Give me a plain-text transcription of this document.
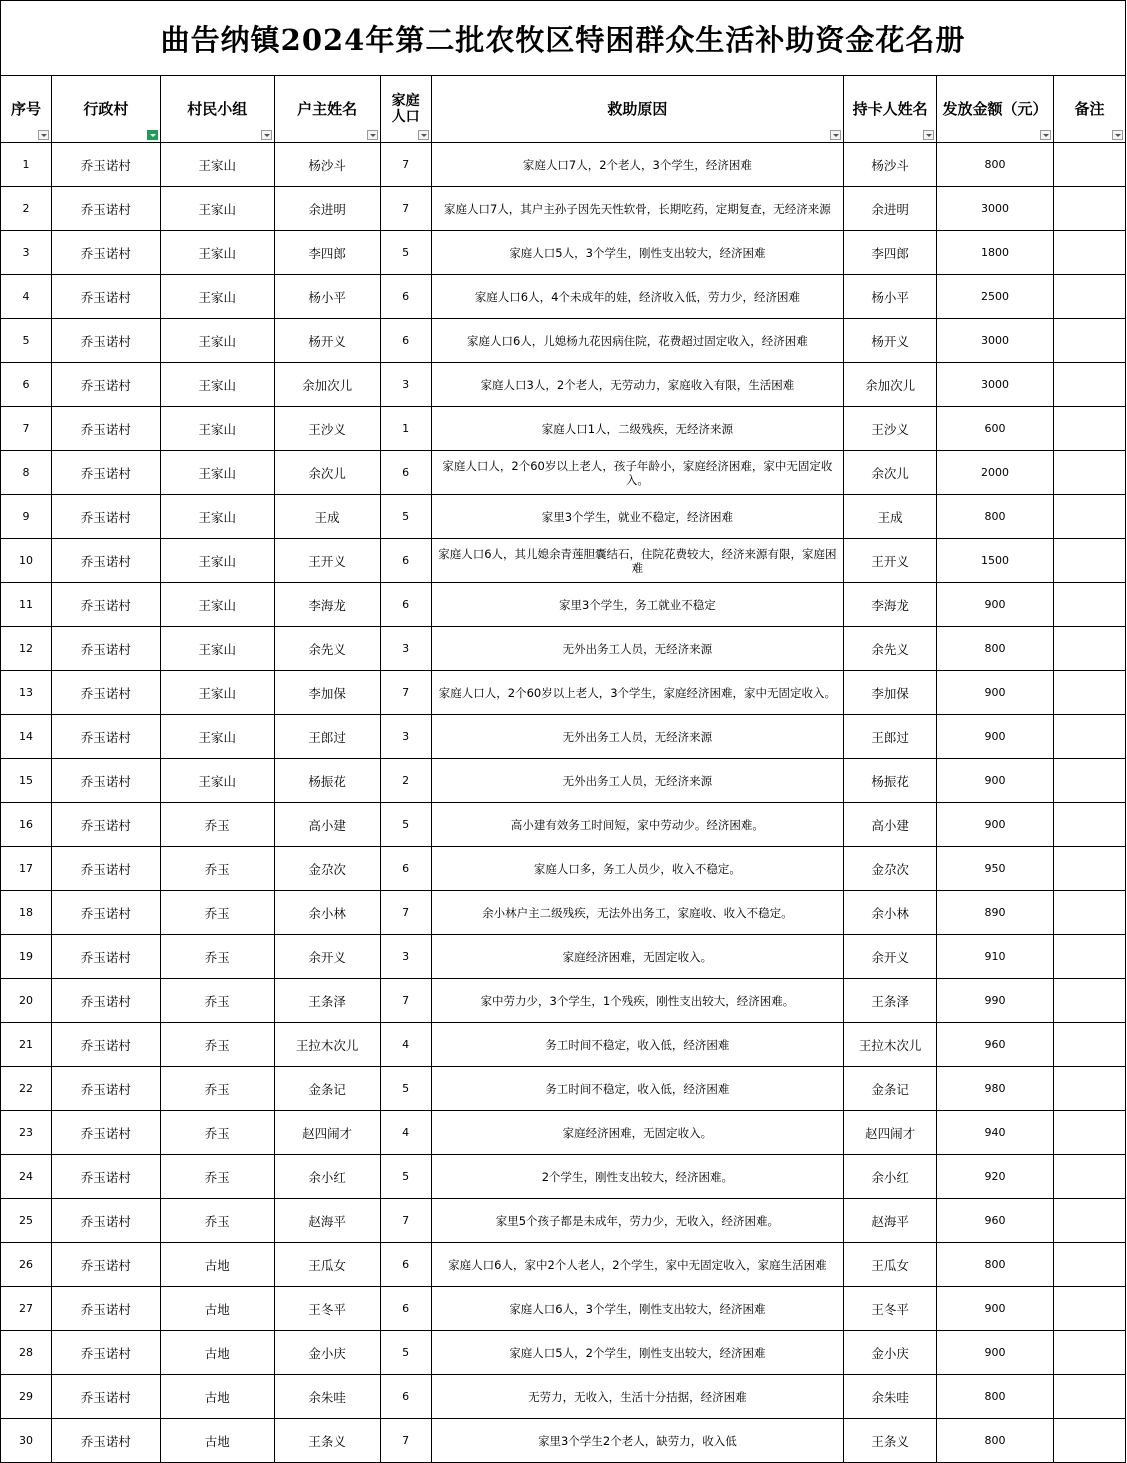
曲告纳镇2024年第二批农牧区特困群众生活补助资金花名册
序号	行政村	村民小组	户主姓名	家庭人口	救助原因	持卡人姓名	发放金额（元）	备注

1	乔玉诺村	王家山	杨沙斗	7	家庭人口7人，2个老人，3个学生，经济困难	杨沙斗	800	
2	乔玉诺村	王家山	余进明	7	家庭人口7人，其户主孙子因先天性软骨，长期吃药，定期复查，无经济来源	余进明	3000	
3	乔玉诺村	王家山	李四郎	5	家庭人口5人，3个学生，刚性支出较大，经济困难	李四郎	1800	
4	乔玉诺村	王家山	杨小平	6	家庭人口6人，4个未成年的娃，经济收入低，劳力少，经济困难	杨小平	2500	
5	乔玉诺村	王家山	杨开义	6	家庭人口6人，儿媳杨九花因病住院，花费超过固定收入，经济困难	杨开义	3000	
6	乔玉诺村	王家山	余加次儿	3	家庭人口3人，2个老人，无劳动力，家庭收入有限，生活困难	余加次儿	3000	
7	乔玉诺村	王家山	王沙义	1	家庭人口1人，二级残疾，无经济来源	王沙义	600	
8	乔玉诺村	王家山	余次儿	6	家庭人口人，2个60岁以上老人，孩子年龄小，家庭经济困难，家中无固定收入。	余次儿	2000	
9	乔玉诺村	王家山	王成	5	家里3个学生，就业不稳定，经济困难	王成	800	
10	乔玉诺村	王家山	王开义	6	家庭人口6人，其儿媳余青莲胆囊结石，住院花费较大，经济来源有限，家庭困难	王开义	1500	
11	乔玉诺村	王家山	李海龙	6	家里3个学生，务工就业不稳定	李海龙	900	
12	乔玉诺村	王家山	余先义	3	无外出务工人员，无经济来源	余先义	800	
13	乔玉诺村	王家山	李加保	7	家庭人口人，2个60岁以上老人，3个学生，家庭经济困难，家中无固定收入。	李加保	900	
14	乔玉诺村	王家山	王郎过	3	无外出务工人员，无经济来源	王郎过	900	
15	乔玉诺村	王家山	杨振花	2	无外出务工人员，无经济来源	杨振花	900	
16	乔玉诺村	乔玉	高小建	5	高小建有效务工时间短，家中劳动少。经济困难。	高小建	900	
17	乔玉诺村	乔玉	金尕次	6	家庭人口多，务工人员少，收入不稳定。	金尕次	950	
18	乔玉诺村	乔玉	余小林	7	余小林户主二级残疾，无法外出务工，家庭收、收入不稳定。	余小林	890	
19	乔玉诺村	乔玉	余开义	3	家庭经济困难，无固定收入。	余开义	910	
20	乔玉诺村	乔玉	王条泽	7	家中劳力少，3个学生，1个残疾，刚性支出较大，经济困难。	王条泽	990	
21	乔玉诺村	乔玉	王拉木次儿	4	务工时间不稳定，收入低，经济困难	王拉木次儿	960	
22	乔玉诺村	乔玉	金条记	5	务工时间不稳定，收入低，经济困难	金条记	980	
23	乔玉诺村	乔玉	赵四闹才	4	家庭经济困难，无固定收入。	赵四闹才	940	
24	乔玉诺村	乔玉	余小红	5	2个学生，刚性支出较大，经济困难。	余小红	920	
25	乔玉诺村	乔玉	赵海平	7	家里5个孩子都是未成年，劳力少，无收入，经济困难。	赵海平	960	
26	乔玉诺村	古地	王瓜女	6	家庭人口6人，家中2个人老人，2个学生，家中无固定收入，家庭生活困难	王瓜女	800	
27	乔玉诺村	古地	王冬平	6	家庭人口6人，3个学生，刚性支出较大，经济困难	王冬平	900	
28	乔玉诺村	古地	金小庆	5	家庭人口5人，2个学生，刚性支出较大，经济困难	金小庆	900	
29	乔玉诺村	古地	余朱哇	6	无劳力，无收入，生活十分拮据，经济困难	余朱哇	800	
30	乔玉诺村	古地	王条义	7	家里3个学生2个老人，缺劳力，收入低	王条义	800	
